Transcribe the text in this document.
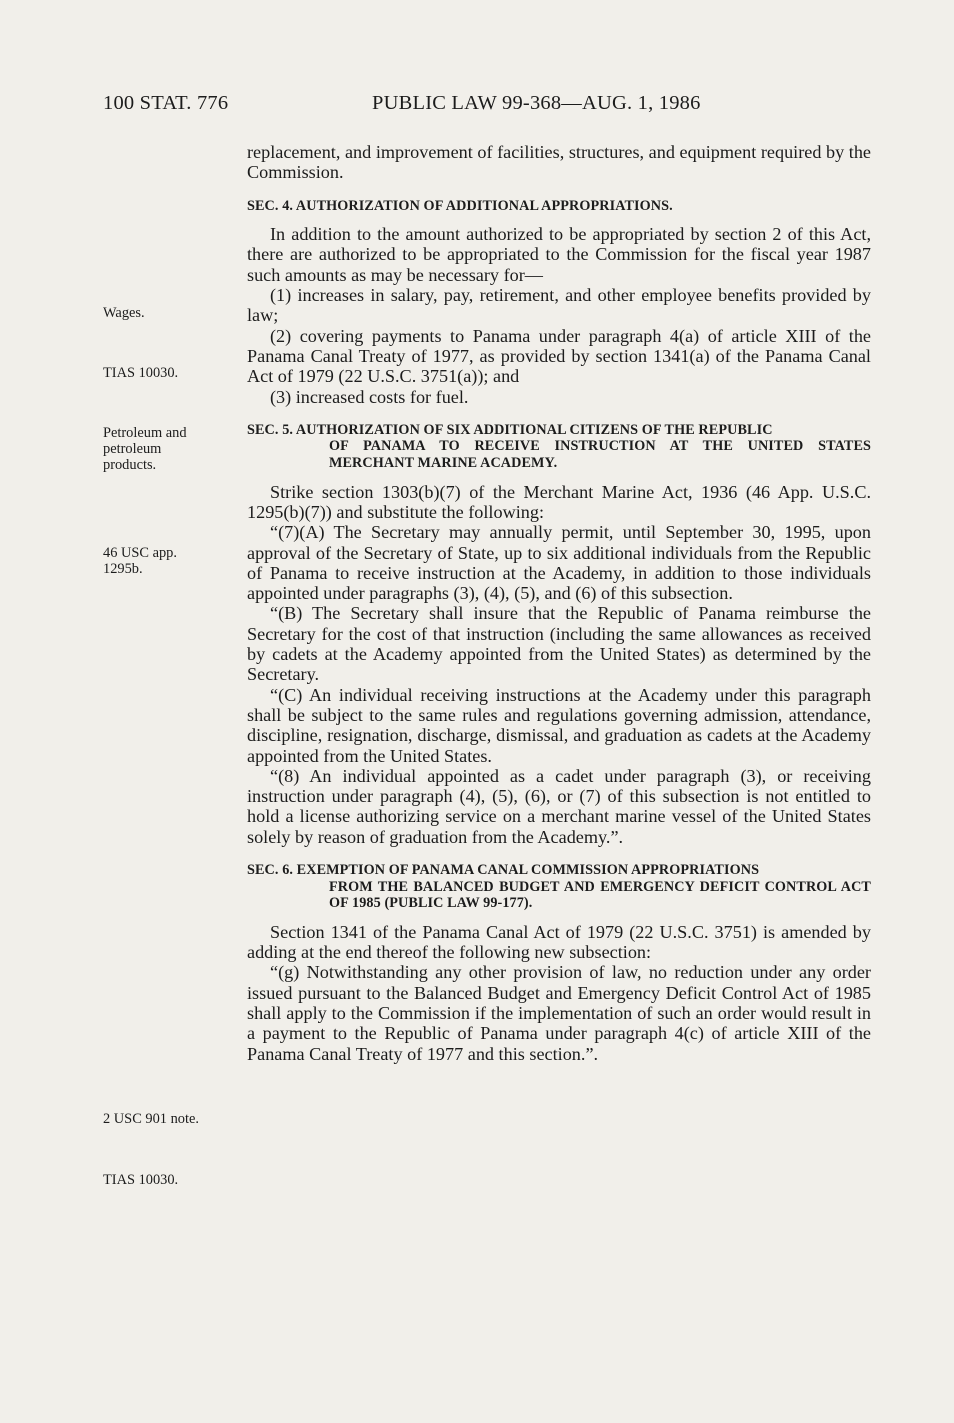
100 STAT. 776	PUBLIC LAW 99-368—AUG. 1, 1986
Wages.
TIAS 10030.
Petroleum and petroleum products.
46 USC app. 1295b.
2 USC 901 note.
TIAS 10030.

replacement, and improvement of facilities, structures, and equipment required by the Commission.

SEC. 4. AUTHORIZATION OF ADDITIONAL APPROPRIATIONS.

In addition to the amount authorized to be appropriated by section 2 of this Act, there are authorized to be appropriated to the Commission for the fiscal year 1987 such amounts as may be necessary for—

(1) increases in salary, pay, retirement, and other employee benefits provided by law;

(2) covering payments to Panama under paragraph 4(a) of article XIII of the Panama Canal Treaty of 1977, as provided by section 1341(a) of the Panama Canal Act of 1979 (22 U.S.C. 3751(a)); and

(3) increased costs for fuel.

SEC. 5. AUTHORIZATION OF SIX ADDITIONAL CITIZENS OF THE REPUBLIC
OF PANAMA TO RECEIVE INSTRUCTION AT THE UNITED STATES MERCHANT MARINE ACADEMY.

Strike section 1303(b)(7) of the Merchant Marine Act, 1936 (46 App. U.S.C. 1295(b)(7)) and substitute the following:

“(7)(A) The Secretary may annually permit, until September 30, 1995, upon approval of the Secretary of State, up to six additional individuals from the Republic of Panama to receive instruction at the Academy, in addition to those individuals appointed under paragraphs (3), (4), (5), and (6) of this subsection.

“(B) The Secretary shall insure that the Republic of Panama reimburse the Secretary for the cost of that instruction (including the same allowances as received by cadets at the Academy appointed from the United States) as determined by the Secretary.

“(C) An individual receiving instructions at the Academy under this paragraph shall be subject to the same rules and regulations governing admission, attendance, discipline, resignation, discharge, dismissal, and graduation as cadets at the Academy appointed from the United States.

“(8) An individual appointed as a cadet under paragraph (3), or receiving instruction under paragraph (4), (5), (6), or (7) of this subsection is not entitled to hold a license authorizing service on a merchant marine vessel of the United States solely by reason of graduation from the Academy.”.

SEC. 6. EXEMPTION OF PANAMA CANAL COMMISSION APPROPRIATIONS
FROM THE BALANCED BUDGET AND EMERGENCY DEFICIT CONTROL ACT OF 1985 (PUBLIC LAW 99-177).

Section 1341 of the Panama Canal Act of 1979 (22 U.S.C. 3751) is amended by adding at the end thereof the following new subsection:

“(g) Notwithstanding any other provision of law, no reduction under any order issued pursuant to the Balanced Budget and Emergency Deficit Control Act of 1985 shall apply to the Commission if the implementation of such an order would result in a payment to the Republic of Panama under paragraph 4(c) of article XIII of the Panama Canal Treaty of 1977 and this section.”.
